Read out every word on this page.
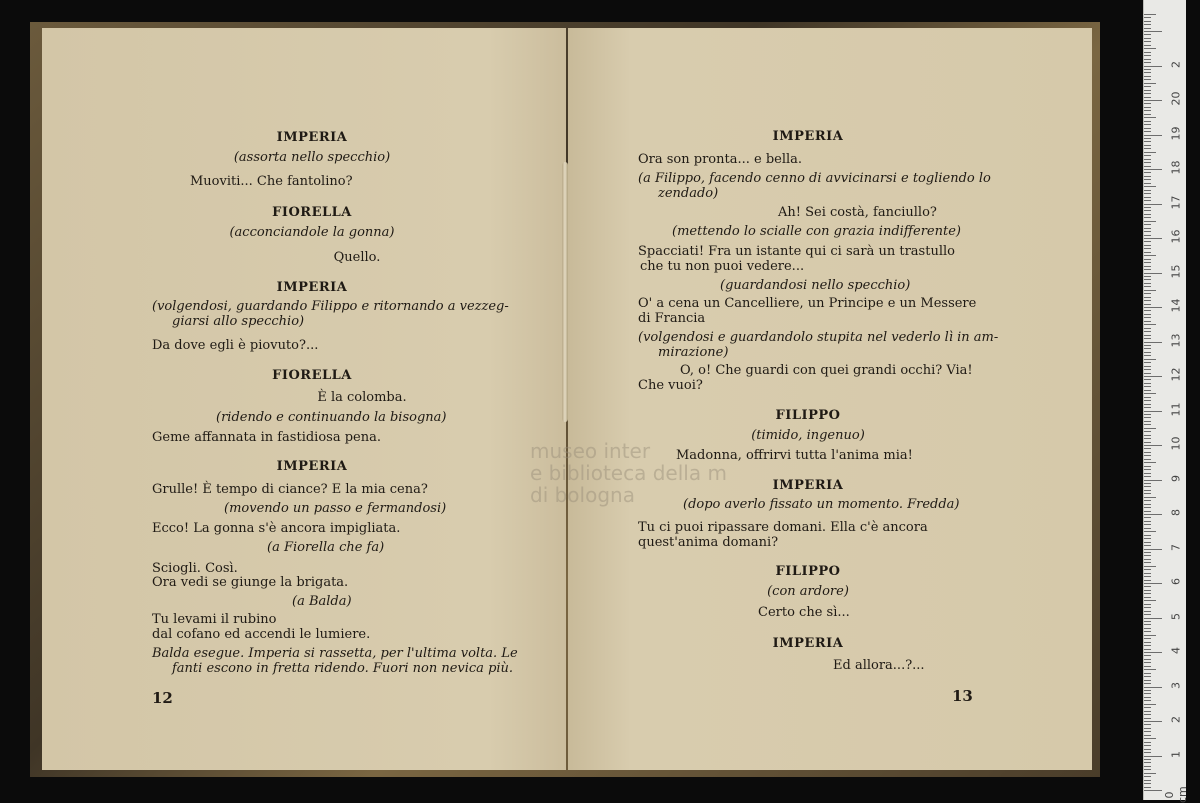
12
IMPERIA
(assorta nello specchio)
Muoviti... Che fantolino?
FIORELLA
(acconciandole la gonna)
Quello.
IMPERIA
(volgendosi, guardando Filippo e ritornando a vezzeg-
giarsi allo specchio)
Da dove egli è piovuto?...
FIORELLA
È la colomba.
(ridendo e continuando la bisogna)
Geme affannata in fastidiosa pena.
IMPERIA
Grulle! È tempo di ciance? E la mia cena?
(movendo un passo e fermandosi)
Ecco! La gonna s'è ancora impigliata.
(a Fiorella che fa)
Sciogli. Così.
Ora vedi se giunge la brigata.
(a Balda)
Tu levami il rubino
dal cofano ed accendi le lumiere.
Balda esegue. Imperia si rassetta, per l'ultima volta. Le
fanti escono in fretta ridendo. Fuori non nevica più.
13
IMPERIA
Ora son pronta... e bella.
(a Filippo, facendo cenno di avvicinarsi e togliendo lo
zendado)
Ah! Sei costà, fanciullo?
(mettendo lo scialle con grazia indifferente)
Spacciati! Fra un istante qui ci sarà un trastullo
che tu non puoi vedere...
(guardandosi nello specchio)
O' a cena un Cancelliere, un Principe e un Messere
di Francia
(volgendosi e guardandolo stupita nel vederlo lì in am-
mirazione)
O, o! Che guardi con quei grandi occhi? Via!
Che vuoi?
FILIPPO
(timido, ingenuo)
Madonna, offrirvi tutta l'anima mia!
IMPERIA
(dopo averlo fissato un momento. Fredda)
Tu ci puoi ripassare domani. Ella c'è ancora
quest'anima domani?
FILIPPO
(con ardore)
Certo che sì...
IMPERIA
Ed allora...?...
museo inter
e biblioteca della m
di bologna
0 cm
1
2
3
4
5
6
7
8
9
10
11
12
13
14
15
16
17
18
19
20
2
